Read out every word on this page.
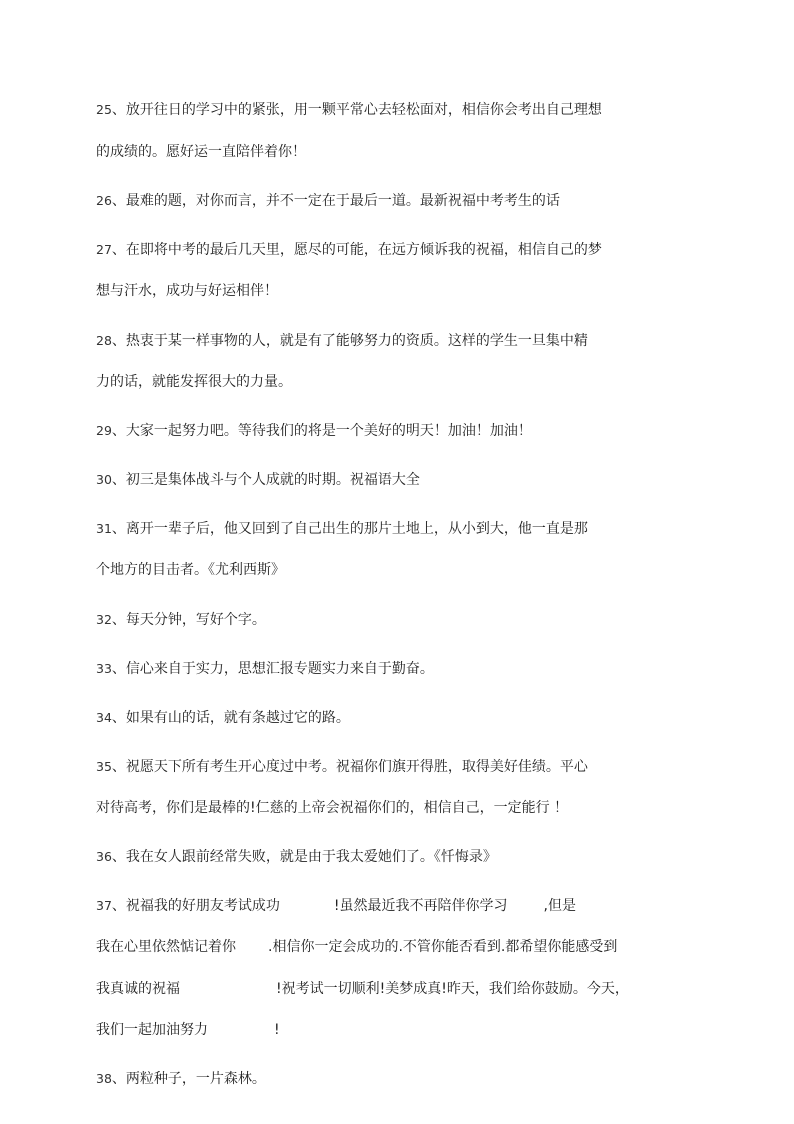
25、放开往日的学习中的紧张，用一颗平常心去轻松面对，相信你会考出自己理想
的成绩的。愿好运一直陪伴着你！
26、最难的题，对你而言，并不一定在于最后一道。最新祝福中考考生的话
27、在即将中考的最后几天里，愿尽的可能，在远方倾诉我的祝福，相信自己的梦
想与汗水，成功与好运相伴！
28、热衷于某一样事物的人，就是有了能够努力的资质。这样的学生一旦集中精
力的话，就能发挥很大的力量。
29、大家一起努力吧。等待我们的将是一个美好的明天！加油！加油！
30、初三是集体战斗与个人成就的时期。祝福语大全
31、离开一辈子后，他又回到了自己出生的那片土地上，从小到大，他一直是那
个地方的目击者。《尤利西斯》
32、每天分钟，写好个字。
33、信心来自于实力，思想汇报专题实力来自于勤奋。
34、如果有山的话，就有条越过它的路。
35、祝愿天下所有考生开心度过中考。祝福你们旗开得胜，取得美好佳绩。平心
对待高考，你们是最棒的!仁慈的上帝会祝福你们的，相信自己，一定能行 ！
36、我在女人跟前经常失败，就是由于我太爱她们了。《忏悔录》
37、祝福我的好朋友考试成功	!虽然最近我不再陪伴你学习	,但是
我在心里依然惦记着你 .相信你一定会成功的.不管你能否看到.都希望你能感受到
我真诚的祝福	!祝考试一切顺利!美梦成真!昨天，我们给你鼓励。今天，
我们一起加油努力	!
38、两粒种子，一片森林。
